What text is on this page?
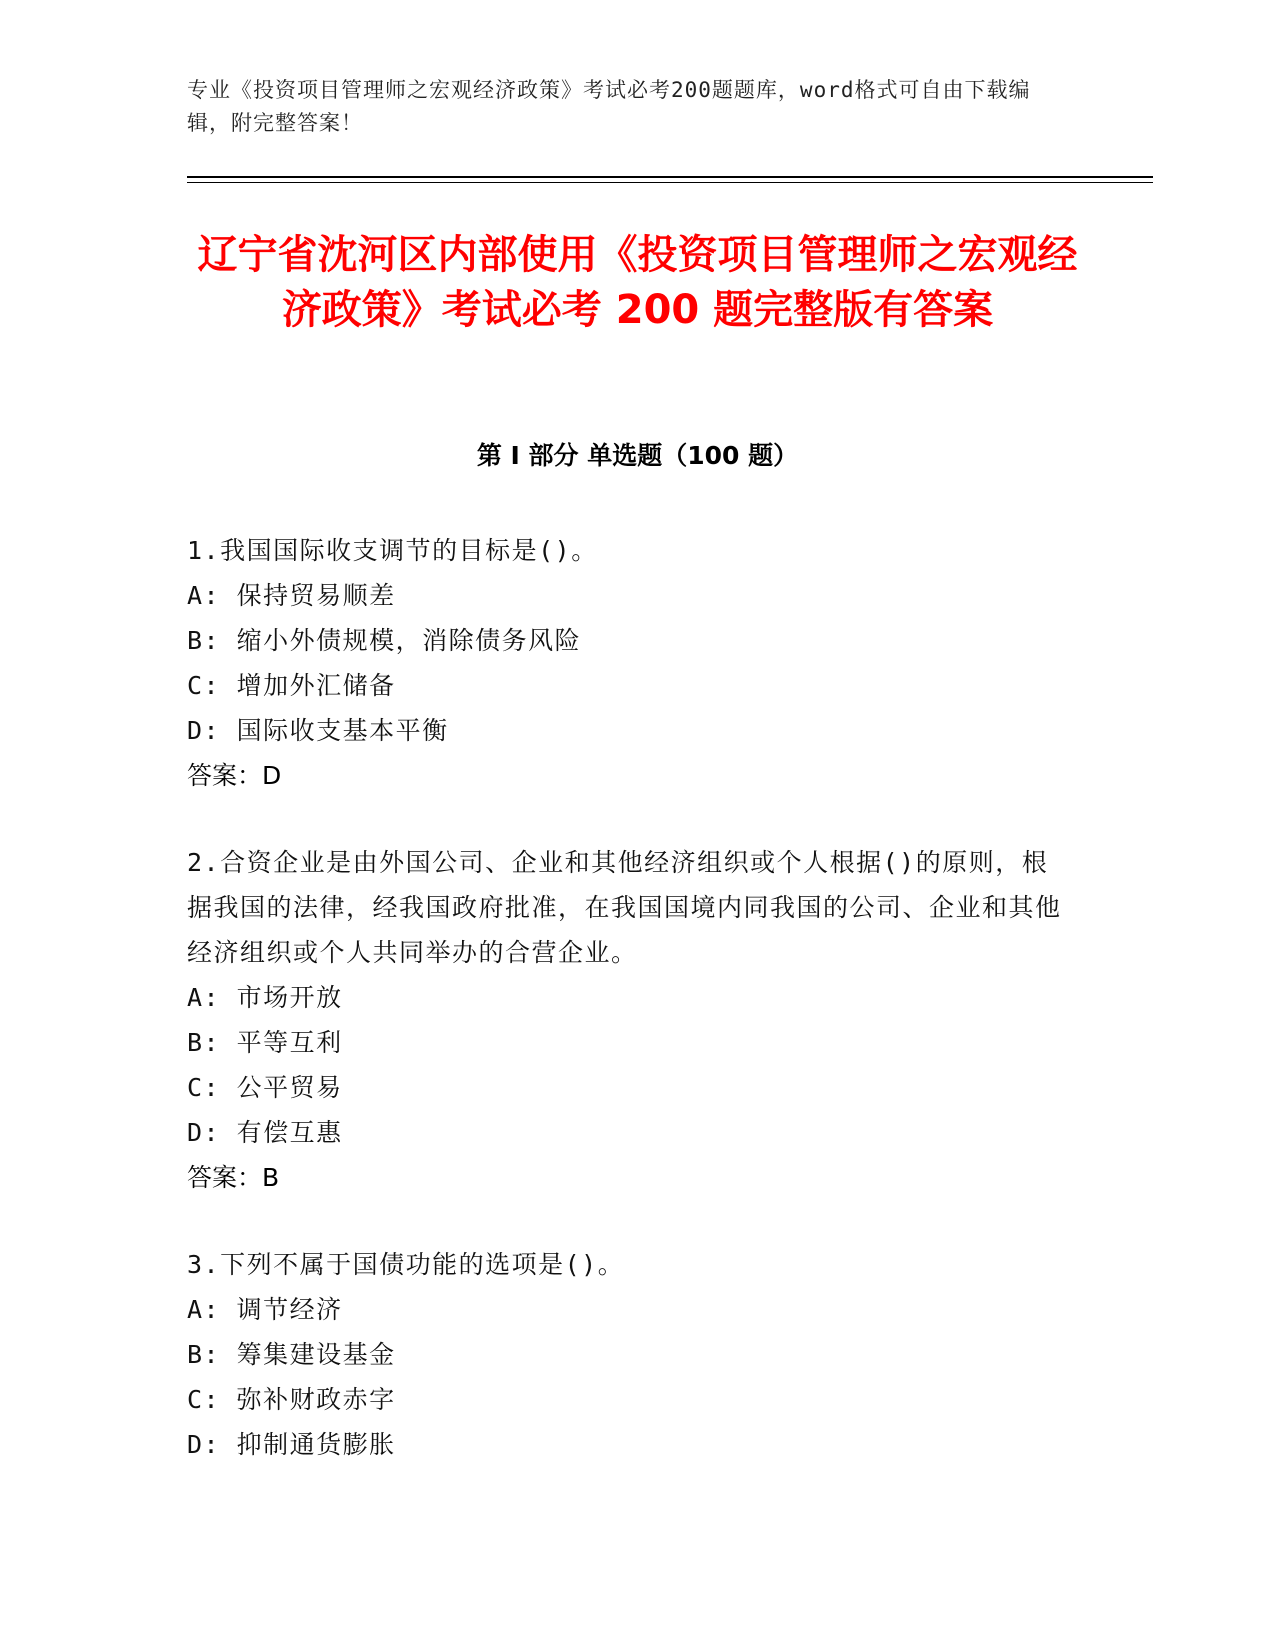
专业《投资项目管理师之宏观经济政策》考试必考200题题库，word格式可自由下载编辑，附完整答案！
辽宁省沈河区内部使用《投资项目管理师之宏观经济政策》考试必考 200 题完整版有答案
第 I 部分 单选题（100 题）
1.我国国际收支调节的目标是()。
A: 保持贸易顺差
B: 缩小外债规模，消除债务风险
C: 增加外汇储备
D: 国际收支基本平衡
答案：D
2.合资企业是由外国公司、企业和其他经济组织或个人根据()的原则，根据我国的法律，经我国政府批准，在我国国境内同我国的公司、企业和其他经济组织或个人共同举办的合营企业。
A: 市场开放
B: 平等互利
C: 公平贸易
D: 有偿互惠
答案：B
3.下列不属于国债功能的选项是()。
A: 调节经济
B: 筹集建设基金
C: 弥补财政赤字
D: 抑制通货膨胀
